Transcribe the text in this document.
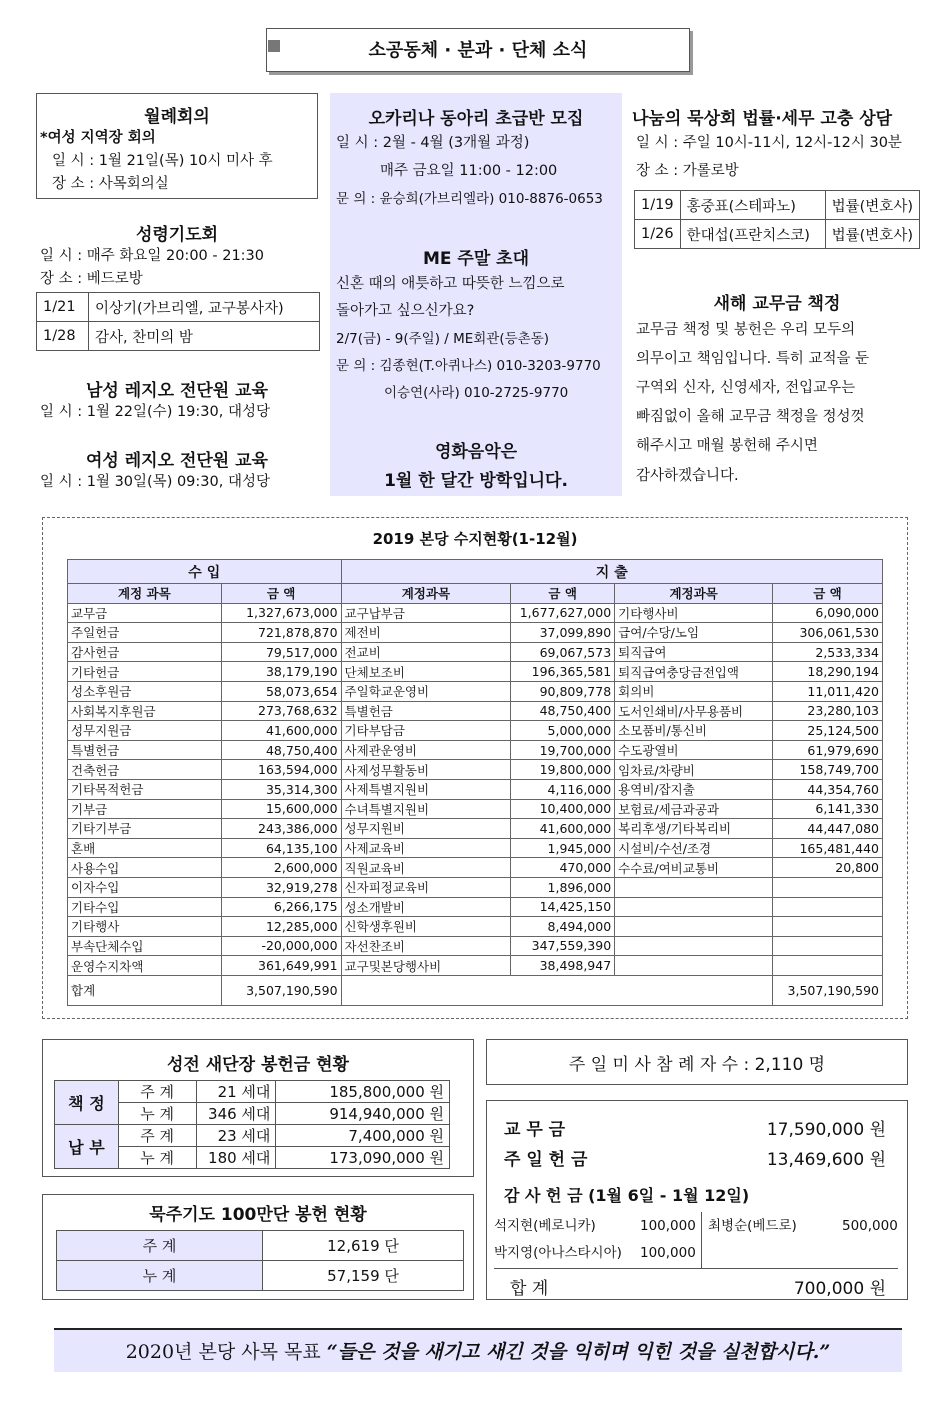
소공동체 · 분과 · 단체 소식
월례회의
*여성 지역장 회의
일 시 : 1월 21일(목) 10시 미사 후
장 소 : 사목회의실
성령기도회
일 시 : 매주 화요일 20:00 - 21:30
장 소 : 베드로방
1/21	이상기(가브리엘, 교구봉사자)
1/28	감사, 찬미의 밤
남성 레지오 전단원 교육
일 시 : 1월 22일(수) 19:30, 대성당
여성 레지오 전단원 교육
일 시 : 1월 30일(목) 09:30, 대성당
오카리나 동아리 초급반 모집
일 시 : 2월 - 4월 (3개월 과정)
매주 금요일 11:00 - 12:00
문 의 : 윤승희(가브리엘라) 010-8876-0653
ME 주말 초대
신혼 때의 애틋하고 따뜻한 느낌으로
돌아가고 싶으신가요?
2/7(금) - 9(주일) / ME회관(등촌동)
문 의 : 김종현(T.아퀴나스) 010-3203-9770
이승연(사라) 010-2725-9770
영화음악은
1월 한 달간 방학입니다.
나눔의 묵상회 법률·세무 고충 상담
일 시 : 주일 10시-11시, 12시-12시 30분
장 소 : 가롤로방
1/19	홍중표(스테파노)	법률(변호사)
1/26	한대섭(프란치스코)	법률(변호사)
새해 교무금 책정
교무금 책정 및 봉헌은 우리 모두의
의무이고 책임입니다. 특히 교적을 둔
구역외 신자, 신영세자, 전입교우는
빠짐없이 올해 교무금 책정을 정성껏
해주시고 매월 봉헌해 주시면
감사하겠습니다.
2019 본당 수지현황(1-12월)
수 입		지 출			
계정 과목	금 액	계정과목	금 액	계정과목	금 액
교무금	1,327,673,000	교구납부금	1,677,627,000	기타행사비	6,090,000
주일헌금	721,878,870	제전비	37,099,890	급여/수당/노임	306,061,530
감사헌금	79,517,000	전교비	69,067,573	퇴직급여	2,533,334
기타헌금	38,179,190	단체보조비	196,365,581	퇴직급여충당금전입액	18,290,194
성소후원금	58,073,654	주일학교운영비	90,809,778	회의비	11,011,420
사회복지후원금	273,768,632	특별헌금	48,750,400	도서인쇄비/사무용품비	23,280,103
성무지원금	41,600,000	기타부담금	5,000,000	소모품비/통신비	25,124,500
특별헌금	48,750,400	사제관운영비	19,700,000	수도광열비	61,979,690
건축헌금	163,594,000	사제성무활동비	19,800,000	임차료/차량비	158,749,700
기타목적헌금	35,314,300	사제특별지원비	4,116,000	용역비/잡지출	44,354,760
기부금	15,600,000	수녀특별지원비	10,400,000	보험료/세금과공과	6,141,330
기타기부금	243,386,000	성무지원비	41,600,000	복리후생/기타복리비	44,447,080
혼배	64,135,100	사제교육비	1,945,000	시설비/수선/조경	165,481,440
사용수입	2,600,000	직원교육비	470,000	수수료/여비교통비	20,800
이자수입	32,919,278	신자피정교육비	1,896,000		
기타수입	6,266,175	성소개발비	14,425,150		
기타행사	12,285,000	신학생후원비	8,494,000		
부속단체수입	-20,000,000	자선찬조비	347,559,390		
운영수지차액	361,649,991	교구및본당행사비	38,498,947		
합계	3,507,190,590				3,507,190,590
성전 새단장 봉헌금 현황
책 정	주 계	21 세대	185,800,000 원
	누 계	346 세대	914,940,000 원
납 부	주 계	23 세대	7,400,000 원
	누 계	180 세대	173,090,000 원
묵주기도 100만단 봉헌 현황
주 계	12,619 단
누 계	57,159 단
주 일 미 사 참 례 자 수 : 2,110 명
교 무 금	17,590,000 원
주 일 헌 금	13,469,600 원
감 사 헌 금 (1월 6일 - 1월 12일)
석지현(베로니카)	100,000 최병순(베드로)	500,000
박지영(아나스타시아) 100,000
합 계	700,000 원
2020년 본당 사목 목표 “들은 것을 새기고 새긴 것을 익히며 익힌 것을 실천합시다.”
